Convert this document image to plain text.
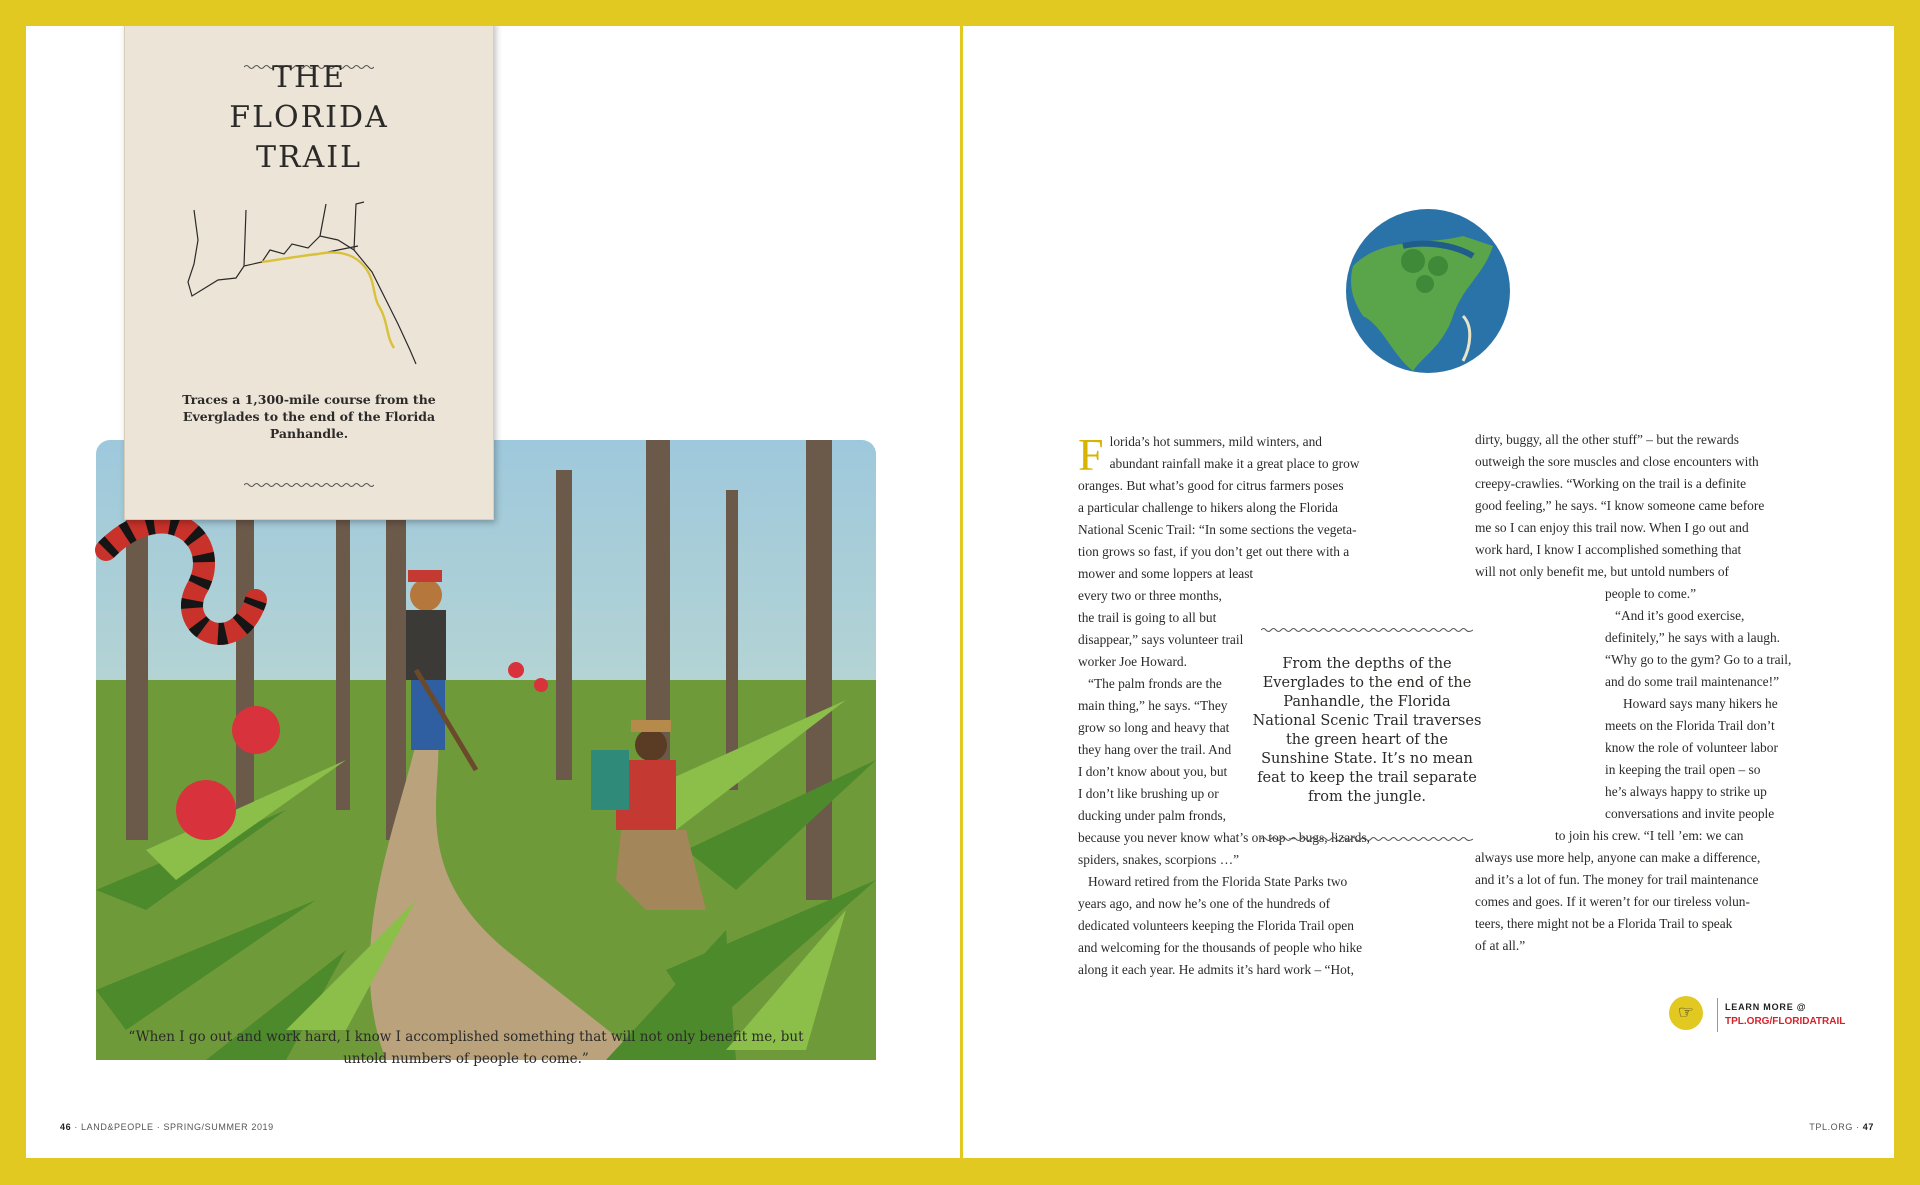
THE
FLORIDA
TRAIL
Traces a 1,300-mile course from the Everglades to the end of the Florida Panhandle.
“When I go out and work hard, I know I accomplished something that will not only benefit me, but untold numbers of people to come.”
46 · LAND&PEOPLE · SPRING/SUMMER 2019
F lorida’s hot summers, mild winters, and
abundant rainfall make it a great place to grow
oranges. But what’s good for citrus farmers poses
a particular challenge to hikers along the Florida
National Scenic Trail: “In some sections the vegeta-
tion grows so fast, if you don’t get out there with a
mower and some loppers at least
every two or three months,
the trail is going to all but
disappear,” says volunteer trail
worker Joe Howard.
“The palm fronds are the
main thing,” he says. “They
grow so long and heavy that
they hang over the trail. And
I don’t know about you, but
I don’t like brushing up or
ducking under palm fronds,
because you never know what’s on top – bugs, lizards,
spiders, snakes, scorpions …”
Howard retired from the Florida State Parks two
years ago, and now he’s one of the hundreds of
dedicated volunteers keeping the Florida Trail open
and welcoming for the thousands of people who hike
along it each year. He admits it’s hard work – “Hot,
dirty, buggy, all the other stuff” – but the rewards
outweigh the sore muscles and close encounters with
creepy-crawlies. “Working on the trail is a definite
good feeling,” he says. “I know someone came before
me so I can enjoy this trail now. When I go out and
work hard, I know I accomplished something that
will not only benefit me, but untold numbers of
people to come.”
“And it’s good exercise,
definitely,” he says with a laugh.
“Why go to the gym? Go to a trail,
and do some trail maintenance!”
Howard says many hikers he
meets on the Florida Trail don’t
know the role of volunteer labor
in keeping the trail open – so
he’s always happy to strike up
conversations and invite people
to join his crew. “I tell ’em: we can
always use more help, anyone can make a difference,
and it’s a lot of fun. The money for trail maintenance
comes and goes. If it weren’t for our tireless volun-
teers, there might not be a Florida Trail to speak
of at all.”
From the depths of the Everglades to the end of the Panhandle, the Florida National Scenic Trail traverses the green heart of the Sunshine State. It’s no mean feat to keep the trail separate from the jungle.
☞	LEARN MORE @
TPL.ORG/FLORIDATRAIL
TPL.ORG · 47
